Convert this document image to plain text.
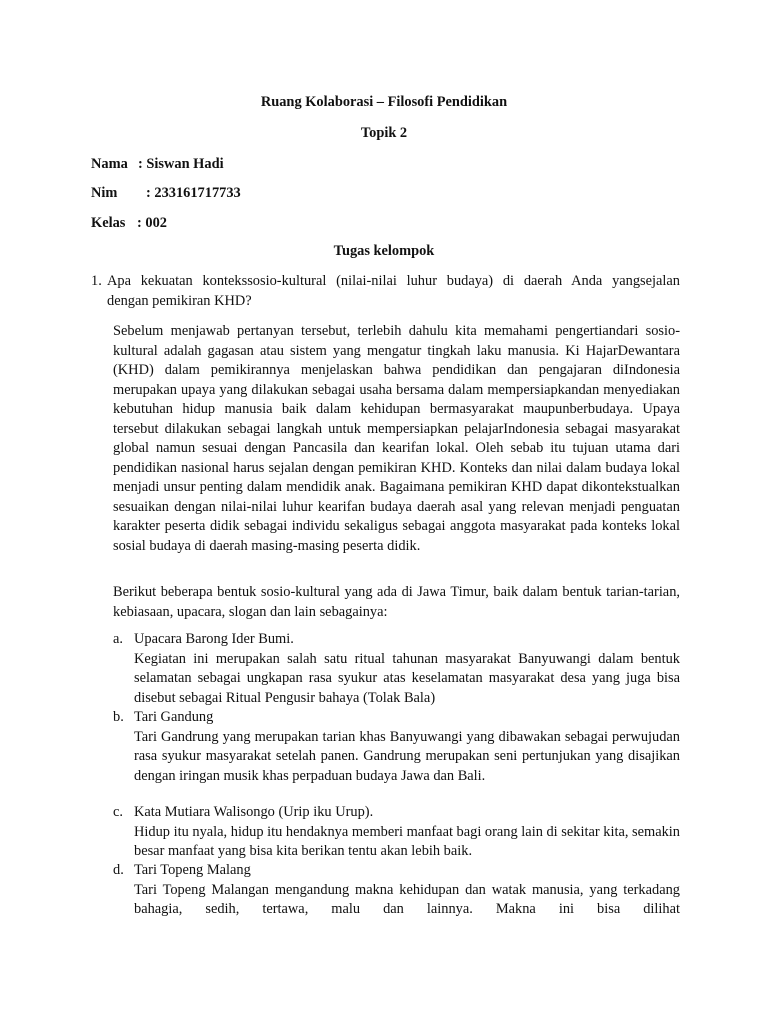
Ruang Kolaborasi – Filosofi Pendidikan
Topik 2
Nama : Siswan Hadi
Nim : 233161717733
Kelas : 002
Tugas kelompok
1. Apa kekuatan kontekssosio-kultural (nilai-nilai luhur budaya) di daerah Anda yangsejalan
dengan pemikiran KHD?
Sebelum menjawab pertanyan tersebut, terlebih dahulu kita memahami pengertiandari sosio-kultural adalah gagasan atau sistem yang mengatur tingkah laku manusia. Ki HajarDewantara (KHD) dalam pemikirannya menjelaskan bahwa pendidikan dan pengajaran diIndonesia merupakan upaya yang dilakukan sebagai usaha bersama dalam mempersiapkandan menyediakan kebutuhan hidup manusia baik dalam kehidupan bermasyarakat maupunberbudaya. Upaya tersebut dilakukan sebagai langkah untuk mempersiapkan pelajarIndonesia sebagai masyarakat global namun sesuai dengan Pancasila dan kearifan lokal. Oleh sebab itu tujuan utama dari pendidikan nasional harus sejalan dengan pemikiran KHD. Konteks dan nilai dalam budaya lokal menjadi unsur penting dalam mendidik anak. Bagaimana pemikiran KHD dapat dikontekstualkan sesuaikan dengan nilai-nilai luhur kearifan budaya daerah asal yang relevan menjadi penguatan karakter peserta didik sebagai individu sekaligus sebagai anggota masyarakat pada konteks lokal sosial budaya di daerah masing-masing peserta didik.
Berikut beberapa bentuk sosio-kultural yang ada di Jawa Timur, baik dalam bentuk tarian-tarian, kebiasaan, upacara, slogan dan lain sebagainya:
a. Upacara Barong Ider Bumi.
Kegiatan ini merupakan salah satu ritual tahunan masyarakat Banyuwangi dalam bentuk selamatan sebagai ungkapan rasa syukur atas keselamatan masyarakat desa yang juga bisa disebut sebagai Ritual Pengusir bahaya (Tolak Bala)
b. Tari Gandung
Tari Gandrung yang merupakan tarian khas Banyuwangi yang dibawakan sebagai perwujudan rasa syukur masyarakat setelah panen. Gandrung merupakan seni pertunjukan yang disajikan dengan iringan musik khas perpaduan budaya Jawa dan Bali.
c. Kata Mutiara Walisongo (Urip iku Urup).
Hidup itu nyala, hidup itu hendaknya memberi manfaat bagi orang lain di sekitar kita, semakin besar manfaat yang bisa kita berikan tentu akan lebih baik.
d. Tari Topeng Malang
Tari Topeng Malangan mengandung makna kehidupan dan watak manusia, yang terkadang bahagia, sedih, tertawa, malu dan lainnya. Makna ini bisa dilihat
